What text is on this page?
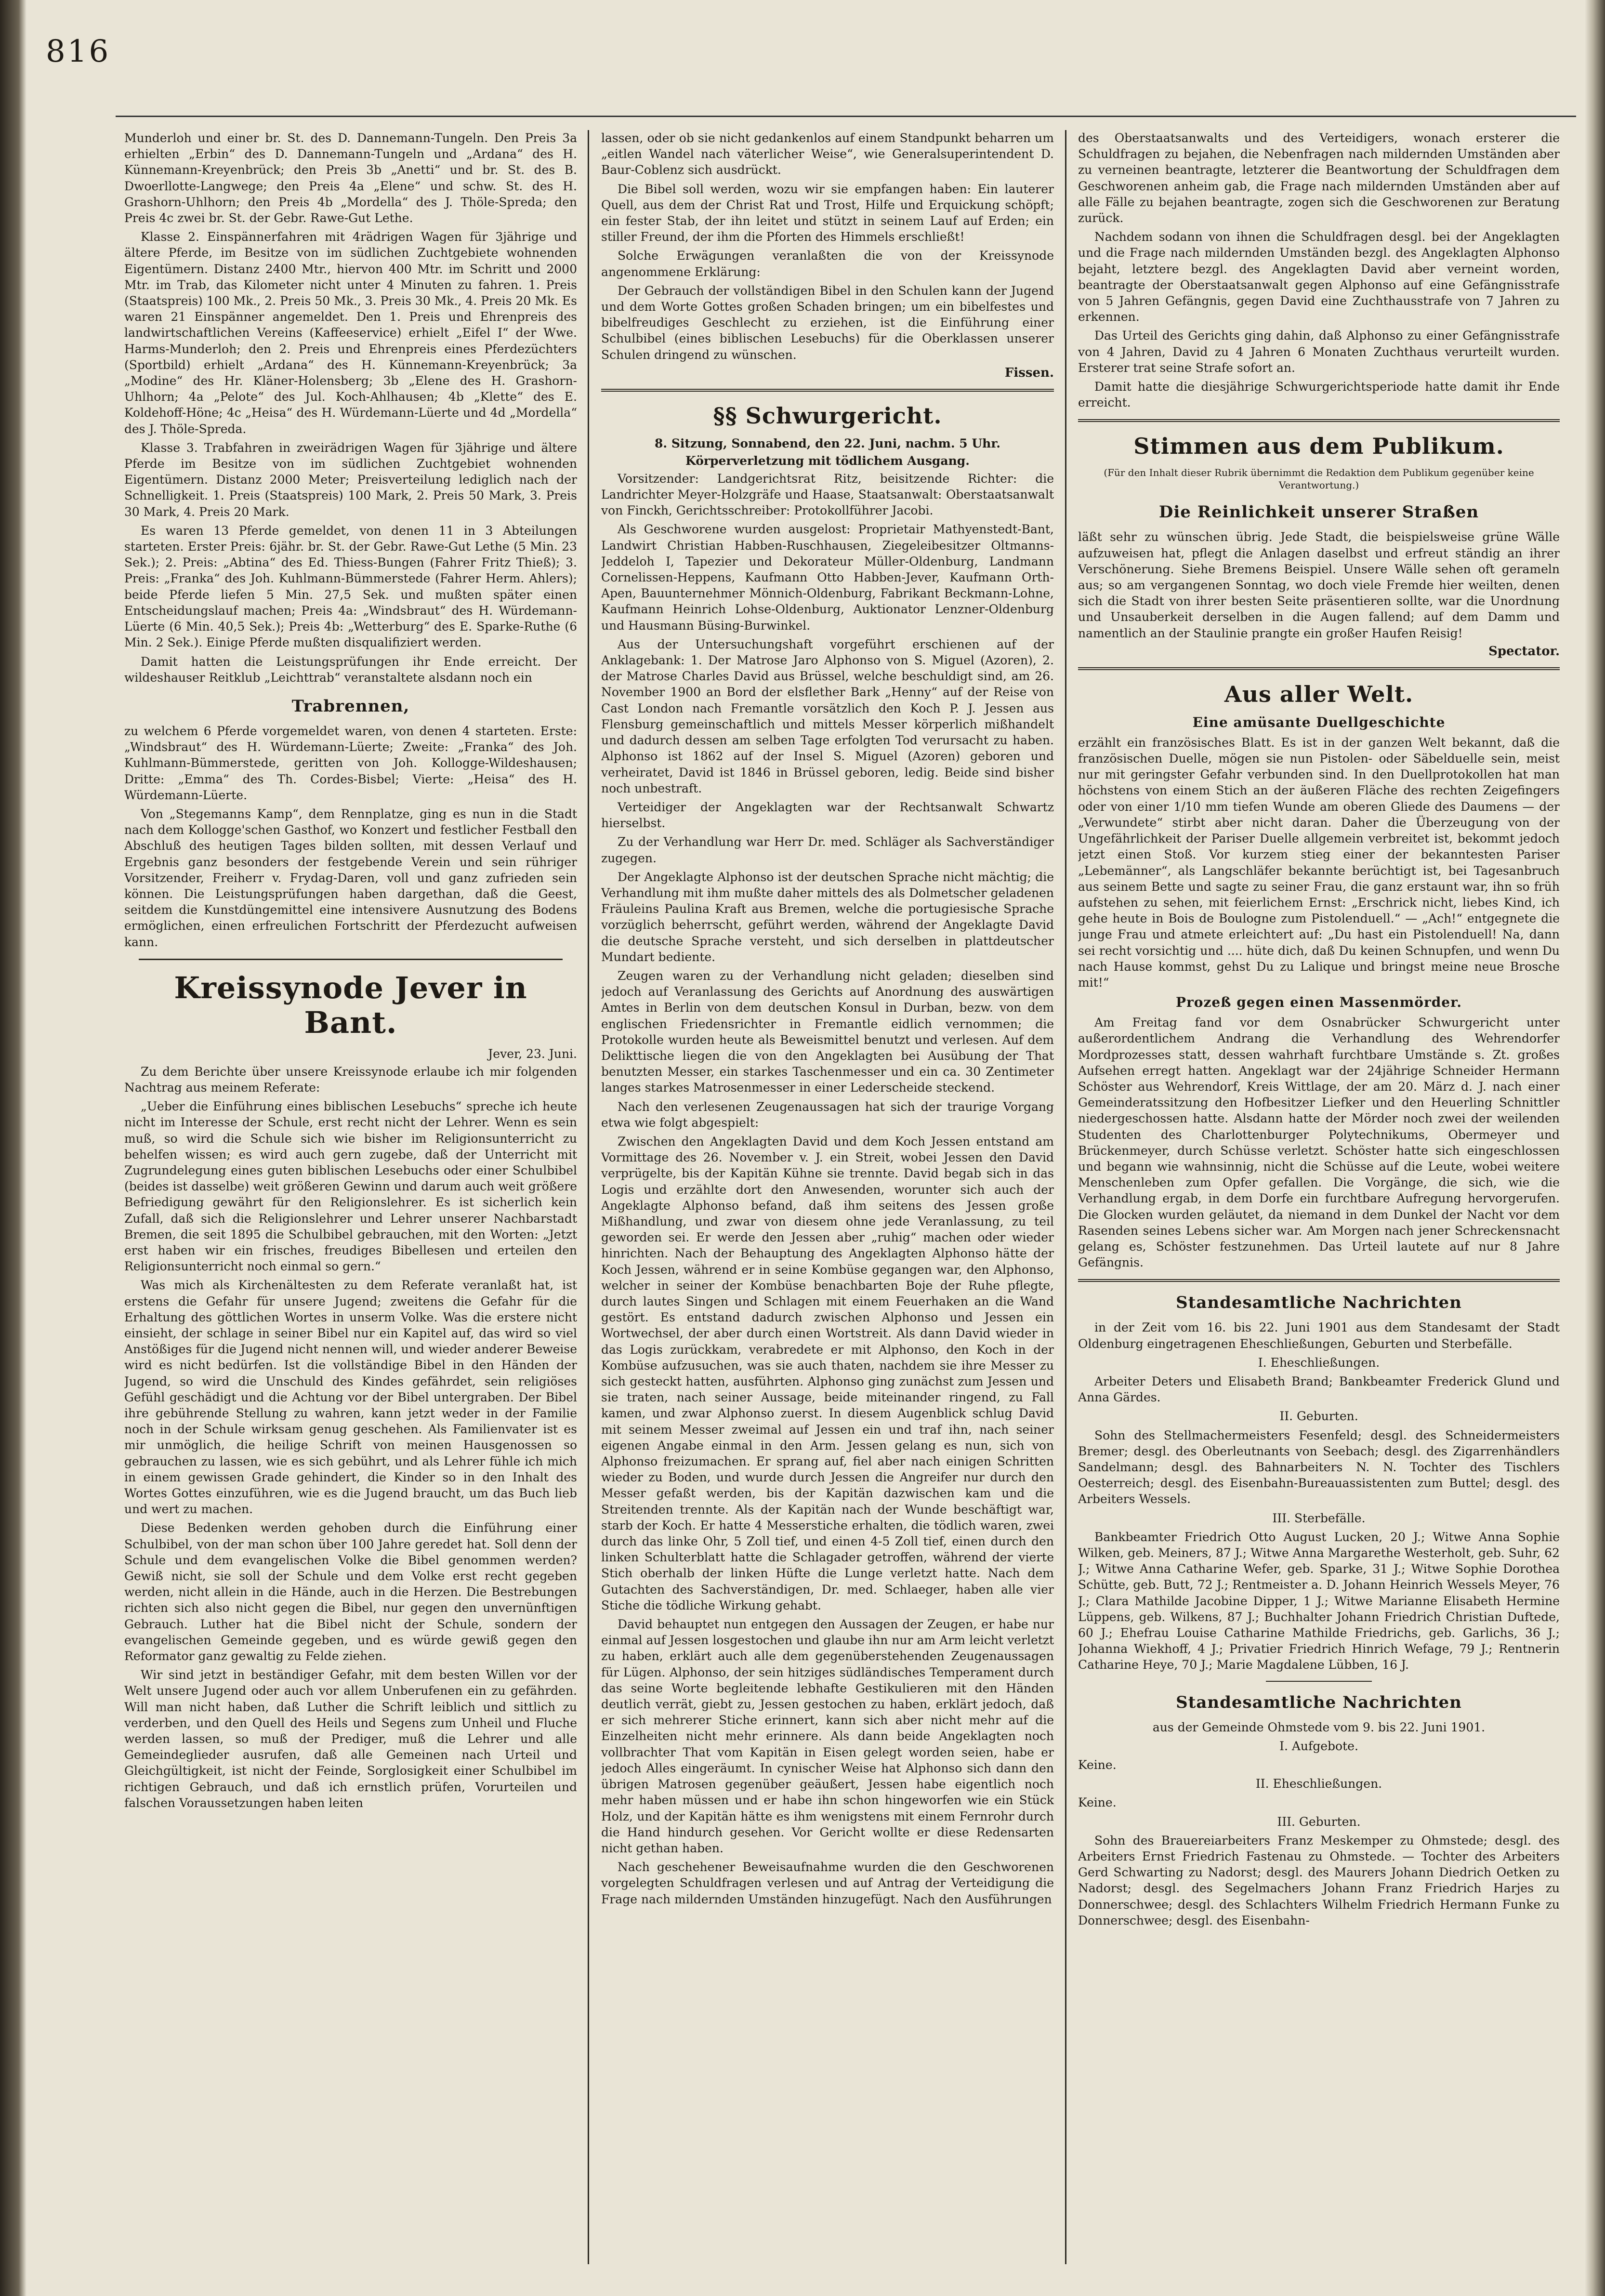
816

Munderloh und einer br. St. des D. Dannemann-Tungeln. Den Preis 3a erhielten „Erbin“ des D. Dannemann-Tungeln und „Ardana“ des H. Künnemann-Kreyenbrück; den Preis 3b „Anetti“ und br. St. des B. Dwoerllotte-Langwege; den Preis 4a „Elene“ und schw. St. des H. Grashorn-Uhlhorn; den Preis 4b „Mordella“ des J. Thöle-Spreda; den Preis 4c zwei br. St. der Gebr. Rawe-Gut Lethe.

Klasse 2. Einspännerfahren mit 4rädrigen Wagen für 3jährige und ältere Pferde, im Besitze von im südlichen Zuchtgebiete wohnenden Eigentümern. Distanz 2400 Mtr., hiervon 400 Mtr. im Schritt und 2000 Mtr. im Trab, das Kilometer nicht unter 4 Minuten zu fahren. 1. Preis (Staatspreis) 100 Mk., 2. Preis 50 Mk., 3. Preis 30 Mk., 4. Preis 20 Mk. Es waren 21 Einspänner angemeldet. Den 1. Preis und Ehrenpreis des landwirtschaftlichen Vereins (Kaffeeservice) erhielt „Eifel I“ der Wwe. Harms-Munderloh; den 2. Preis und Ehrenpreis eines Pferdezüchters (Sportbild) erhielt „Ardana“ des H. Künnemann-Kreyenbrück; 3a „Modine“ des Hr. Kläner-Holensberg; 3b „Elene des H. Grashorn-Uhlhorn; 4a „Pelote“ des Jul. Koch-Ahlhausen; 4b „Klette“ des E. Koldehoff-Höne; 4c „Heisa“ des H. Würdemann-Lüerte und 4d „Mordella“ des J. Thöle-Spreda.

Klasse 3. Trabfahren in zweirädrigen Wagen für 3jährige und ältere Pferde im Besitze von im südlichen Zuchtgebiet wohnenden Eigentümern. Distanz 2000 Meter; Preisverteilung lediglich nach der Schnelligkeit. 1. Preis (Staatspreis) 100 Mark, 2. Preis 50 Mark, 3. Preis 30 Mark, 4. Preis 20 Mark.

Es waren 13 Pferde gemeldet, von denen 11 in 3 Abteilungen starteten. Erster Preis: 6jähr. br. St. der Gebr. Rawe-Gut Lethe (5 Min. 23 Sek.); 2. Preis: „Abtina“ des Ed. Thiess-Bungen (Fahrer Fritz Thieß); 3. Preis: „Franka“ des Joh. Kuhlmann-Bümmerstede (Fahrer Herm. Ahlers); beide Pferde liefen 5 Min. 27,5 Sek. und mußten später einen Entscheidungslauf machen; Preis 4a: „Windsbraut“ des H. Würdemann-Lüerte (6 Min. 40,5 Sek.); Preis 4b: „Wetterburg“ des E. Sparke-Ruthe (6 Min. 2 Sek.). Einige Pferde mußten disqualifiziert werden.

Damit hatten die Leistungsprüfungen ihr Ende erreicht. Der wildeshauser Reitklub „Leichttrab“ veranstaltete alsdann noch ein

Trabrennen,

zu welchem 6 Pferde vorgemeldet waren, von denen 4 starteten. Erste: „Windsbraut“ des H. Würdemann-Lüerte; Zweite: „Franka“ des Joh. Kuhlmann-Bümmerstede, geritten von Joh. Kollogge-Wildeshausen; Dritte: „Emma“ des Th. Cordes-Bisbel; Vierte: „Heisa“ des H. Würdemann-Lüerte.

Von „Stegemanns Kamp“, dem Rennplatze, ging es nun in die Stadt nach dem Kollogge'schen Gasthof, wo Konzert und festlicher Festball den Abschluß des heutigen Tages bilden sollten, mit dessen Verlauf und Ergebnis ganz besonders der festgebende Verein und sein rühriger Vorsitzender, Freiherr v. Frydag-Daren, voll und ganz zufrieden sein können. Die Leistungsprüfungen haben dargethan, daß die Geest, seitdem die Kunstdüngemittel eine intensivere Ausnutzung des Bodens ermöglichen, einen erfreulichen Fortschritt der Pferdezucht aufweisen kann.

Kreissynode Jever in Bant.
Jever, 23. Juni.

Zu dem Berichte über unsere Kreissynode erlaube ich mir folgenden Nachtrag aus meinem Referate:

„Ueber die Einführung eines biblischen Lesebuchs“ spreche ich heute nicht im Interesse der Schule, erst recht nicht der Lehrer. Wenn es sein muß, so wird die Schule sich wie bisher im Religionsunterricht zu behelfen wissen; es wird auch gern zugebe, daß der Unterricht mit Zugrundelegung eines guten biblischen Lesebuchs oder einer Schulbibel (beides ist dasselbe) weit größeren Gewinn und darum auch weit größere Befriedigung gewährt für den Religionslehrer. Es ist sicherlich kein Zufall, daß sich die Religionslehrer und Lehrer unserer Nachbarstadt Bremen, die seit 1895 die Schulbibel gebrauchen, mit den Worten: „Jetzt erst haben wir ein frisches, freudiges Bibellesen und erteilen den Religionsunterricht noch einmal so gern.“

Was mich als Kirchenältesten zu dem Referate veranlaßt hat, ist erstens die Gefahr für unsere Jugend; zweitens die Gefahr für die Erhaltung des göttlichen Wortes in unserm Volke. Was die erstere nicht einsieht, der schlage in seiner Bibel nur ein Kapitel auf, das wird so viel Anstößiges für die Jugend nicht nennen will, und wieder anderer Beweise wird es nicht bedürfen. Ist die vollständige Bibel in den Händen der Jugend, so wird die Unschuld des Kindes gefährdet, sein religiöses Gefühl geschädigt und die Achtung vor der Bibel untergraben. Der Bibel ihre gebührende Stellung zu wahren, kann jetzt weder in der Familie noch in der Schule wirksam genug geschehen. Als Familienvater ist es mir unmöglich, die heilige Schrift von meinen Hausgenossen so gebrauchen zu lassen, wie es sich gebührt, und als Lehrer fühle ich mich in einem gewissen Grade gehindert, die Kinder so in den Inhalt des Wortes Gottes einzuführen, wie es die Jugend braucht, um das Buch lieb und wert zu machen.

Diese Bedenken werden gehoben durch die Einführung einer Schulbibel, von der man schon über 100 Jahre geredet hat. Soll denn der Schule und dem evangelischen Volke die Bibel genommen werden? Gewiß nicht, sie soll der Schule und dem Volke erst recht gegeben werden, nicht allein in die Hände, auch in die Herzen. Die Bestrebungen richten sich also nicht gegen die Bibel, nur gegen den unvernünftigen Gebrauch. Luther hat die Bibel nicht der Schule, sondern der evangelischen Gemeinde gegeben, und es würde gewiß gegen den Reformator ganz gewaltig zu Felde ziehen.

Wir sind jetzt in beständiger Gefahr, mit dem besten Willen vor der Welt unsere Jugend oder auch vor allem Unberufenen ein zu gefährden. Will man nicht haben, daß Luther die Schrift leiblich und sittlich zu verderben, und den Quell des Heils und Segens zum Unheil und Fluche werden lassen, so muß der Prediger, muß die Lehrer und alle Gemeindeglieder ausrufen, daß alle Gemeinen nach Urteil und Gleichgültigkeit, ist nicht der Feinde, Sorglosigkeit einer Schulbibel im richtigen Gebrauch, und daß ich ernstlich prüfen, Vorurteilen und falschen Voraussetzungen haben leiten

lassen, oder ob sie nicht gedankenlos auf einem Standpunkt beharren um „eitlen Wandel nach väterlicher Weise“, wie Generalsuperintendent D. Baur-Coblenz sich ausdrückt.

Die Bibel soll werden, wozu wir sie empfangen haben: Ein lauterer Quell, aus dem der Christ Rat und Trost, Hilfe und Erquickung schöpft; ein fester Stab, der ihn leitet und stützt in seinem Lauf auf Erden; ein stiller Freund, der ihm die Pforten des Himmels erschließt!

Solche Erwägungen veranlaßten die von der Kreissynode angenommene Erklärung:

Der Gebrauch der vollständigen Bibel in den Schulen kann der Jugend und dem Worte Gottes großen Schaden bringen; um ein bibelfestes und bibelfreudiges Geschlecht zu erziehen, ist die Einführung einer Schulbibel (eines biblischen Lesebuchs) für die Oberklassen unserer Schulen dringend zu wünschen.

Fissen.
§§ Schwurgericht.
8. Sitzung, Sonnabend, den 22. Juni, nachm. 5 Uhr.
Körperverletzung mit tödlichem Ausgang.

Vorsitzender: Landgerichtsrat Ritz, beisitzende Richter: die Landrichter Meyer-Holzgräfe und Haase, Staatsanwalt: Oberstaatsanwalt von Finckh, Gerichtsschreiber: Protokollführer Jacobi.

Als Geschworene wurden ausgelost: Proprietair Mathyenstedt-Bant, Landwirt Christian Habben-Ruschhausen, Ziegeleibesitzer Oltmanns-Jeddeloh I, Tapezier und Dekorateur Müller-Oldenburg, Landmann Cornelissen-Heppens, Kaufmann Otto Habben-Jever, Kaufmann Orth-Apen, Bauunternehmer Mönnich-Oldenburg, Fabrikant Beckmann-Lohne, Kaufmann Heinrich Lohse-Oldenburg, Auktionator Lenzner-Oldenburg und Hausmann Büsing-Burwinkel.

Aus der Untersuchungshaft vorgeführt erschienen auf der Anklagebank: 1. Der Matrose Jaro Alphonso von S. Miguel (Azoren), 2. der Matrose Charles David aus Brüssel, welche beschuldigt sind, am 26. November 1900 an Bord der elsflether Bark „Henny“ auf der Reise von Cast London nach Fremantle vorsätzlich den Koch P. J. Jessen aus Flensburg gemeinschaftlich und mittels Messer körperlich mißhandelt und dadurch dessen am selben Tage erfolgten Tod verursacht zu haben. Alphonso ist 1862 auf der Insel S. Miguel (Azoren) geboren und verheiratet, David ist 1846 in Brüssel geboren, ledig. Beide sind bisher noch unbestraft.

Verteidiger der Angeklagten war der Rechtsanwalt Schwartz hierselbst.

Zu der Verhandlung war Herr Dr. med. Schläger als Sachverständiger zugegen.

Der Angeklagte Alphonso ist der deutschen Sprache nicht mächtig; die Verhandlung mit ihm mußte daher mittels des als Dolmetscher geladenen Fräuleins Paulina Kraft aus Bremen, welche die portugiesische Sprache vorzüglich beherrscht, geführt werden, während der Angeklagte David die deutsche Sprache versteht, und sich derselben in plattdeutscher Mundart bediente.

Zeugen waren zu der Verhandlung nicht geladen; dieselben sind jedoch auf Veranlassung des Gerichts auf Anordnung des auswärtigen Amtes in Berlin von dem deutschen Konsul in Durban, bezw. von dem englischen Friedensrichter in Fremantle eidlich vernommen; die Protokolle wurden heute als Beweismittel benutzt und verlesen. Auf dem Delikttische liegen die von den Angeklagten bei Ausübung der That benutzten Messer, ein starkes Taschenmesser und ein ca. 30 Zentimeter langes starkes Matrosenmesser in einer Lederscheide steckend.

Nach den verlesenen Zeugenaussagen hat sich der traurige Vorgang etwa wie folgt abgespielt:

Zwischen den Angeklagten David und dem Koch Jessen entstand am Vormittage des 26. November v. J. ein Streit, wobei Jessen den David verprügelte, bis der Kapitän Kühne sie trennte. David begab sich in das Logis und erzählte dort den Anwesenden, worunter sich auch der Angeklagte Alphonso befand, daß ihm seitens des Jessen große Mißhandlung, und zwar von diesem ohne jede Veranlassung, zu teil geworden sei. Er werde den Jessen aber „ruhig“ machen oder wieder hinrichten. Nach der Behauptung des Angeklagten Alphonso hätte der Koch Jessen, während er in seine Kombüse gegangen war, den Alphonso, welcher in seiner der Kombüse benachbarten Boje der Ruhe pflegte, durch lautes Singen und Schlagen mit einem Feuerhaken an die Wand gestört. Es entstand dadurch zwischen Alphonso und Jessen ein Wortwechsel, der aber durch einen Wortstreit. Als dann David wieder in das Logis zurückkam, verabredete er mit Alphonso, den Koch in der Kombüse aufzusuchen, was sie auch thaten, nachdem sie ihre Messer zu sich gesteckt hatten, ausführten. Alphonso ging zunächst zum Jessen und sie traten, nach seiner Aussage, beide miteinander ringend, zu Fall kamen, und zwar Alphonso zuerst. In diesem Augenblick schlug David mit seinem Messer zweimal auf Jessen ein und traf ihn, nach seiner eigenen Angabe einmal in den Arm. Jessen gelang es nun, sich von Alphonso freizumachen. Er sprang auf, fiel aber nach einigen Schritten wieder zu Boden, und wurde durch Jessen die Angreifer nur durch den Messer gefaßt werden, bis der Kapitän dazwischen kam und die Streitenden trennte. Als der Kapitän nach der Wunde beschäftigt war, starb der Koch. Er hatte 4 Messerstiche erhalten, die tödlich waren, zwei durch das linke Ohr, 5 Zoll tief, und einen 4-5 Zoll tief, einen durch den linken Schulterblatt hatte die Schlagader getroffen, während der vierte Stich oberhalb der linken Hüfte die Lunge verletzt hatte. Nach dem Gutachten des Sachverständigen, Dr. med. Schlaeger, haben alle vier Stiche die tödliche Wirkung gehabt.

David behauptet nun entgegen den Aussagen der Zeugen, er habe nur einmal auf Jessen losgestochen und glaube ihn nur am Arm leicht verletzt zu haben, erklärt auch alle dem gegenüberstehenden Zeugenaussagen für Lügen. Alphonso, der sein hitziges südländisches Temperament durch das seine Worte begleitende lebhafte Gestikulieren mit den Händen deutlich verrät, giebt zu, Jessen gestochen zu haben, erklärt jedoch, daß er sich mehrerer Stiche erinnert, kann sich aber nicht mehr auf die Einzelheiten nicht mehr erinnere. Als dann beide Angeklagten noch vollbrachter That vom Kapitän in Eisen gelegt worden seien, habe er jedoch Alles eingeräumt. In cynischer Weise hat Alphonso sich dann den übrigen Matrosen gegenüber geäußert, Jessen habe eigentlich noch mehr haben müssen und er habe ihn schon hingeworfen wie ein Stück Holz, und der Kapitän hätte es ihm wenigstens mit einem Fernrohr durch die Hand hindurch gesehen. Vor Gericht wollte er diese Redensarten nicht gethan haben.

Nach geschehener Beweisaufnahme wurden die den Geschworenen vorgelegten Schuldfragen verlesen und auf Antrag der Verteidigung die Frage nach mildernden Umständen hinzugefügt. Nach den Ausführungen

des Oberstaatsanwalts und des Verteidigers, wonach ersterer die Schuldfragen zu bejahen, die Nebenfragen nach mildernden Umständen aber zu verneinen beantragte, letzterer die Beantwortung der Schuldfragen dem Geschworenen anheim gab, die Frage nach mildernden Umständen aber auf alle Fälle zu bejahen beantragte, zogen sich die Geschworenen zur Beratung zurück.

Nachdem sodann von ihnen die Schuldfragen desgl. bei der Angeklagten und die Frage nach mildernden Umständen bezgl. des Angeklagten Alphonso bejaht, letztere bezgl. des Angeklagten David aber verneint worden, beantragte der Oberstaatsanwalt gegen Alphonso auf eine Gefängnisstrafe von 5 Jahren Gefängnis, gegen David eine Zuchthausstrafe von 7 Jahren zu erkennen.

Das Urteil des Gerichts ging dahin, daß Alphonso zu einer Gefängnisstrafe von 4 Jahren, David zu 4 Jahren 6 Monaten Zuchthaus verurteilt wurden. Ersterer trat seine Strafe sofort an.

Damit hatte die diesjährige Schwurgerichtsperiode hatte damit ihr Ende erreicht.

Stimmen aus dem Publikum.
(Für den Inhalt dieser Rubrik übernimmt die Redaktion dem Publikum gegenüber keine Verantwortung.)
Die Reinlichkeit unserer Straßen

läßt sehr zu wünschen übrig. Jede Stadt, die beispielsweise grüne Wälle aufzuweisen hat, pflegt die Anlagen daselbst und erfreut ständig an ihrer Verschönerung. Siehe Bremens Beispiel. Unsere Wälle sehen oft gerameln aus; so am vergangenen Sonntag, wo doch viele Fremde hier weilten, denen sich die Stadt von ihrer besten Seite präsentieren sollte, war die Unordnung und Unsauberkeit derselben in die Augen fallend; auf dem Damm und namentlich an der Staulinie prangte ein großer Haufen Reisig!

Spectator.
Aus aller Welt.
Eine amüsante Duellgeschichte

erzählt ein französisches Blatt. Es ist in der ganzen Welt bekannt, daß die französischen Duelle, mögen sie nun Pistolen- oder Säbelduelle sein, meist nur mit geringster Gefahr verbunden sind. In den Duellprotokollen hat man höchstens von einem Stich an der äußeren Fläche des rechten Zeigefingers oder von einer 1/10 mm tiefen Wunde am oberen Gliede des Daumens — der „Verwundete“ stirbt aber nicht daran. Daher die Überzeugung von der Ungefährlichkeit der Pariser Duelle allgemein verbreitet ist, bekommt jedoch jetzt einen Stoß. Vor kurzem stieg einer der bekanntesten Pariser „Lebemänner“, als Langschläfer bekannte berüchtigt ist, bei Tagesanbruch aus seinem Bette und sagte zu seiner Frau, die ganz erstaunt war, ihn so früh aufstehen zu sehen, mit feierlichem Ernst: „Erschrick nicht, liebes Kind, ich gehe heute in Bois de Boulogne zum Pistolenduell.“ — „Ach!“ entgegnete die junge Frau und atmete erleichtert auf: „Du hast ein Pistolenduell! Na, dann sei recht vorsichtig und .... hüte dich, daß Du keinen Schnupfen, und wenn Du nach Hause kommst, gehst Du zu Lalique und bringst meine neue Brosche mit!“

Prozeß gegen einen Massenmörder.

Am Freitag fand vor dem Osnabrücker Schwurgericht unter außerordentlichem Andrang die Verhandlung des Wehrendorfer Mordprozesses statt, dessen wahrhaft furchtbare Umstände s. Zt. großes Aufsehen erregt hatten. Angeklagt war der 24jährige Schneider Hermann Schöster aus Wehrendorf, Kreis Wittlage, der am 20. März d. J. nach einer Gemeinderatssitzung den Hofbesitzer Liefker und den Heuerling Schnittler niedergeschossen hatte. Alsdann hatte der Mörder noch zwei der weilenden Studenten des Charlottenburger Polytechnikums, Obermeyer und Brückenmeyer, durch Schüsse verletzt. Schöster hatte sich eingeschlossen und begann wie wahnsinnig, nicht die Schüsse auf die Leute, wobei weitere Menschenleben zum Opfer gefallen. Die Vorgänge, die sich, wie die Verhandlung ergab, in dem Dorfe ein furchtbare Aufregung hervorgerufen. Die Glocken wurden geläutet, da niemand in dem Dunkel der Nacht vor dem Rasenden seines Lebens sicher war. Am Morgen nach jener Schreckensnacht gelang es, Schöster festzunehmen. Das Urteil lautete auf nur 8 Jahre Gefängnis.

Standesamtliche Nachrichten

in der Zeit vom 16. bis 22. Juni 1901 aus dem Standesamt der Stadt Oldenburg eingetragenen Eheschließungen, Geburten und Sterbefälle.

I. Eheschließungen.

Arbeiter Deters und Elisabeth Brand; Bankbeamter Frederick Glund und Anna Gärdes.

II. Geburten.

Sohn des Stellmachermeisters Fesenfeld; desgl. des Schneidermeisters Bremer; desgl. des Oberleutnants von Seebach; desgl. des Zigarrenhändlers Sandelmann; desgl. des Bahnarbeiters N. N. Tochter des Tischlers Oesterreich; desgl. des Eisenbahn-Bureauassistenten zum Buttel; desgl. des Arbeiters Wessels.

III. Sterbefälle.

Bankbeamter Friedrich Otto August Lucken, 20 J.; Witwe Anna Sophie Wilken, geb. Meiners, 87 J.; Witwe Anna Margarethe Westerholt, geb. Suhr, 62 J.; Witwe Anna Catharine Wefer, geb. Sparke, 31 J.; Witwe Sophie Dorothea Schütte, geb. Butt, 72 J.; Rentmeister a. D. Johann Heinrich Wessels Meyer, 76 J.; Clara Mathilde Jacobine Dipper, 1 J.; Witwe Marianne Elisabeth Hermine Lüppens, geb. Wilkens, 87 J.; Buchhalter Johann Friedrich Christian Duftede, 60 J.; Ehefrau Louise Catharine Mathilde Friedrichs, geb. Garlichs, 36 J.; Johanna Wiekhoff, 4 J.; Privatier Friedrich Hinrich Wefage, 79 J.; Rentnerin Catharine Heye, 70 J.; Marie Magdalene Lübben, 16 J.

Standesamtliche Nachrichten

aus der Gemeinde Ohmstede vom 9. bis 22. Juni 1901.

I. Aufgebote.

Keine.

II. Eheschließungen.

Keine.

III. Geburten.

Sohn des Brauereiarbeiters Franz Meskemper zu Ohmstede; desgl. des Arbeiters Ernst Friedrich Fastenau zu Ohmstede. — Tochter des Arbeiters Gerd Schwarting zu Nadorst; desgl. des Maurers Johann Diedrich Oetken zu Nadorst; desgl. des Segelmachers Johann Franz Friedrich Harjes zu Donnerschwee; desgl. des Schlachters Wilhelm Friedrich Hermann Funke zu Donnerschwee; desgl. des Eisenbahn-
